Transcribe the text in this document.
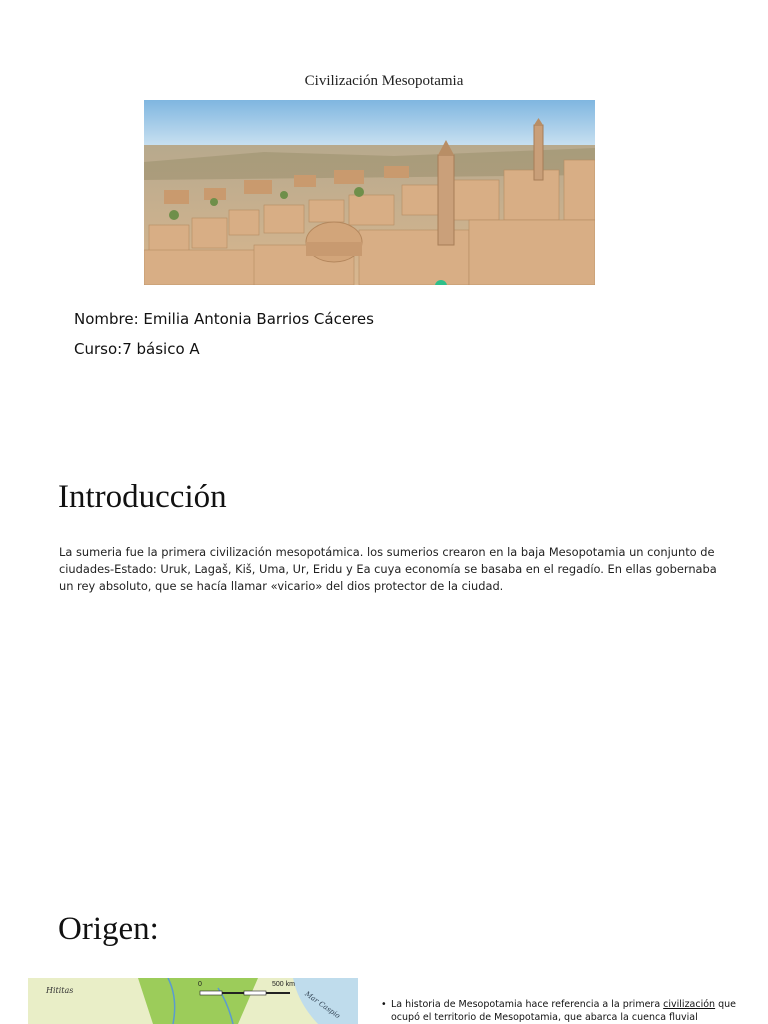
Civilización Mesopotamia
Nombre: Emilia Antonia Barrios Cáceres
Curso:7 básico A
Introducción
La sumeria fue la primera civilización mesopotámica. los sumerios crearon en la baja Mesopotamia un conjunto de ciudades-Estado: Uruk, Lagaš, Kiš, Uma, Ur, Eridu y Ea cuya economía se basaba en el regadío. En ellas gobernaba un rey absoluto, que se hacía llamar «vicario» del dios protector de la ciudad.
Origen:
Hititas
0	500 km
Mar Caspio	• La historia de Mesopotamia hace referencia a la primera civilización que ocupó el territorio de Mesopotamia, que abarca la cuenca fluvial
